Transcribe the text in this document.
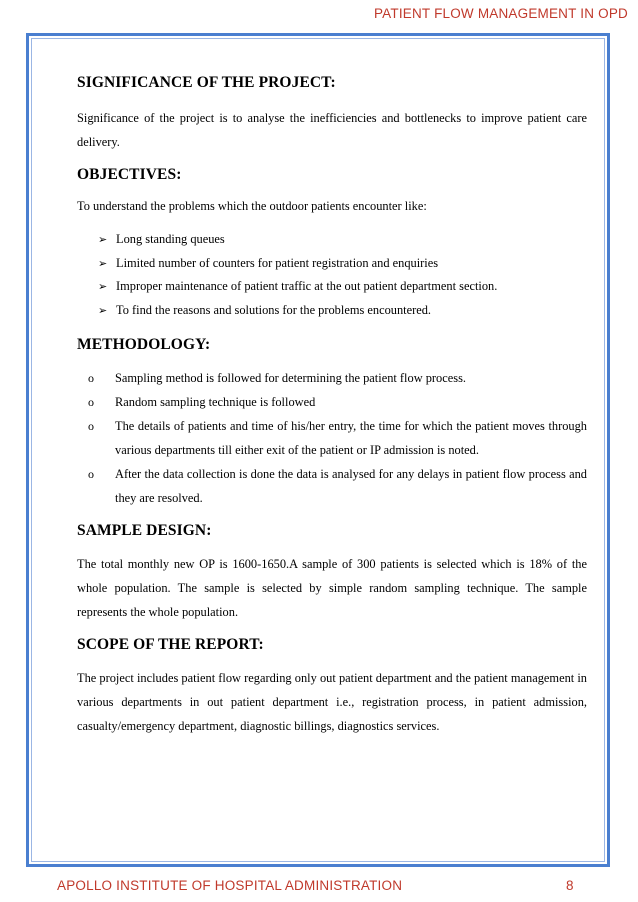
PATIENT FLOW MANAGEMENT IN OPD
SIGNIFICANCE OF THE PROJECT:

Significance of the project is to analyse the inefficiencies and bottlenecks to improve patient care delivery.

OBJECTIVES:

To understand the problems which the outdoor patients encounter like:

➢ Long standing queues
➢ Limited number of counters for patient registration and enquiries
➢ Improper maintenance of patient traffic at the out patient department section.
➢ To find the reasons and solutions for the problems encountered.
METHODOLOGY:
o Sampling method is followed for determining the patient flow process.
o Random sampling technique is followed
o The details of patients and time of his/her entry, the time for which the patient moves through various departments till either exit of the patient or IP admission is noted.
o After the data collection is done the data is analysed for any delays in patient flow process and they are resolved.
SAMPLE DESIGN:

The total monthly new OP is 1600-1650.A sample of 300 patients is selected which is 18% of the whole population. The sample is selected by simple random sampling technique. The sample represents the whole population.

SCOPE OF THE REPORT:

The project includes patient flow regarding only out patient department and the patient management in various departments in out patient department i.e., registration process, in patient admission, casualty/emergency department, diagnostic billings, diagnostics services.

APOLLO INSTITUTE OF HOSPITAL ADMINISTRATION	8
